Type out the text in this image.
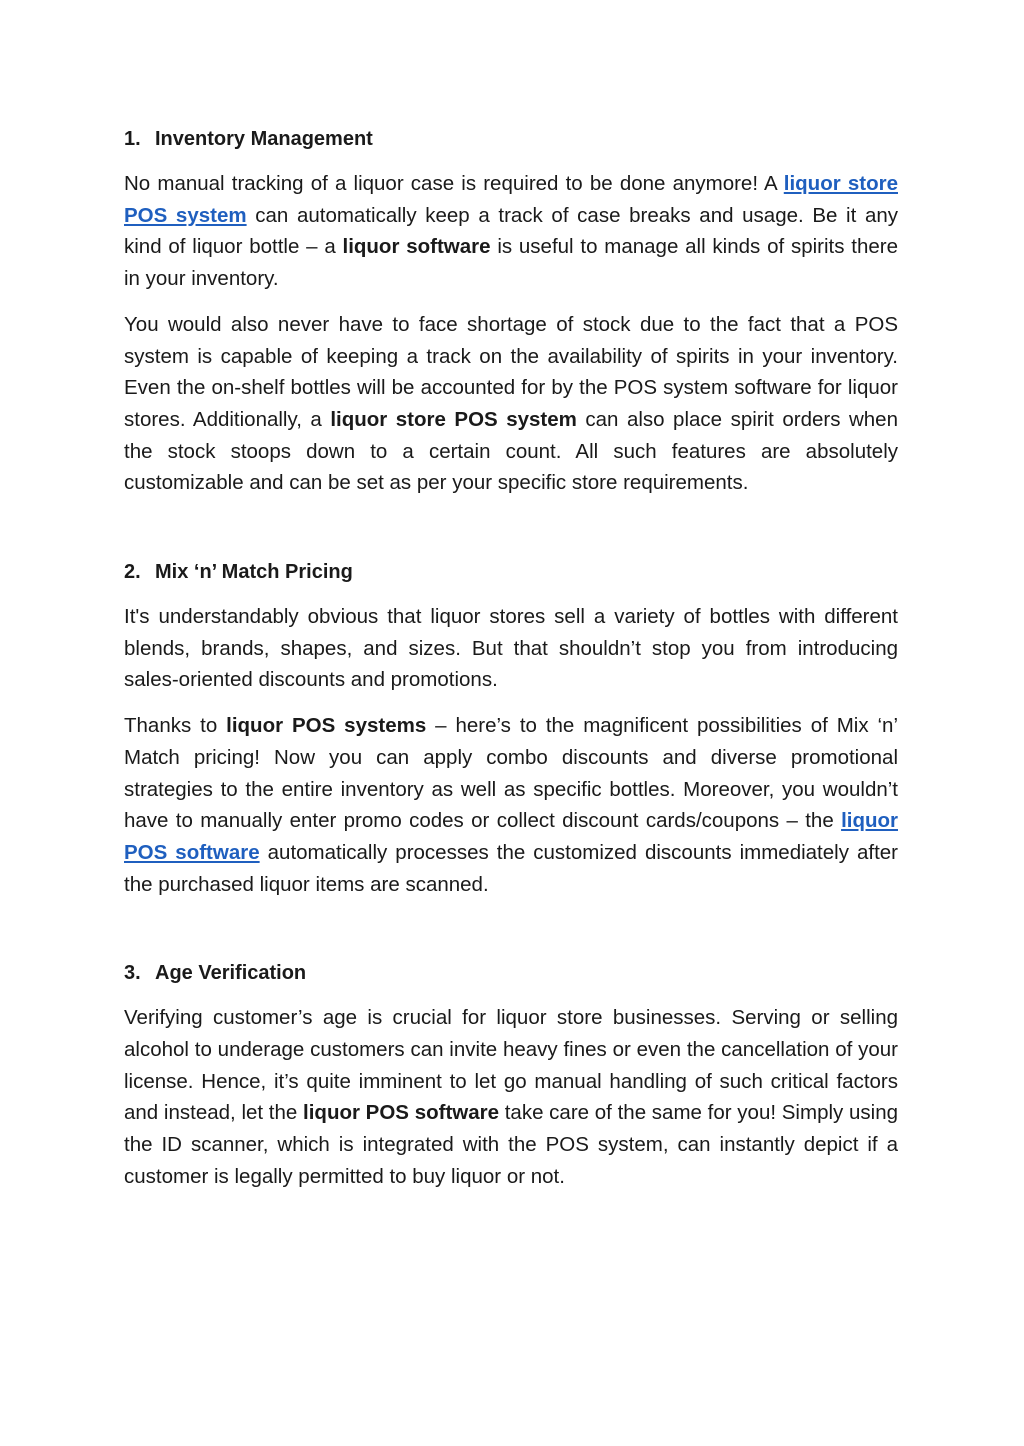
1. Inventory Management

No manual tracking of a liquor case is required to be done anymore! A liquor store POS system can automatically keep a track of case breaks and usage. Be it any kind of liquor bottle – a liquor software is useful to manage all kinds of spirits there in your inventory.

You would also never have to face shortage of stock due to the fact that a POS system is capable of keeping a track on the availability of spirits in your inventory. Even the on-shelf bottles will be accounted for by the POS system software for liquor stores. Additionally, a liquor store POS system can also place spirit orders when the stock stoops down to a certain count. All such features are absolutely customizable and can be set as per your specific store requirements.

2. Mix ‘n’ Match Pricing

It's understandably obvious that liquor stores sell a variety of bottles with different blends, brands, shapes, and sizes. But that shouldn’t stop you from introducing sales-oriented discounts and promotions.

Thanks to liquor POS systems – here’s to the magnificent possibilities of Mix ‘n’ Match pricing! Now you can apply combo discounts and diverse promotional strategies to the entire inventory as well as specific bottles. Moreover, you wouldn’t have to manually enter promo codes or collect discount cards/coupons – the liquor POS software automatically processes the customized discounts immediately after the purchased liquor items are scanned.

3. Age Verification

Verifying customer’s age is crucial for liquor store businesses. Serving or selling alcohol to underage customers can invite heavy fines or even the cancellation of your license. Hence, it’s quite imminent to let go manual handling of such critical factors and instead, let the liquor POS software take care of the same for you! Simply using the ID scanner, which is integrated with the POS system, can instantly depict if a customer is legally permitted to buy liquor or not.
